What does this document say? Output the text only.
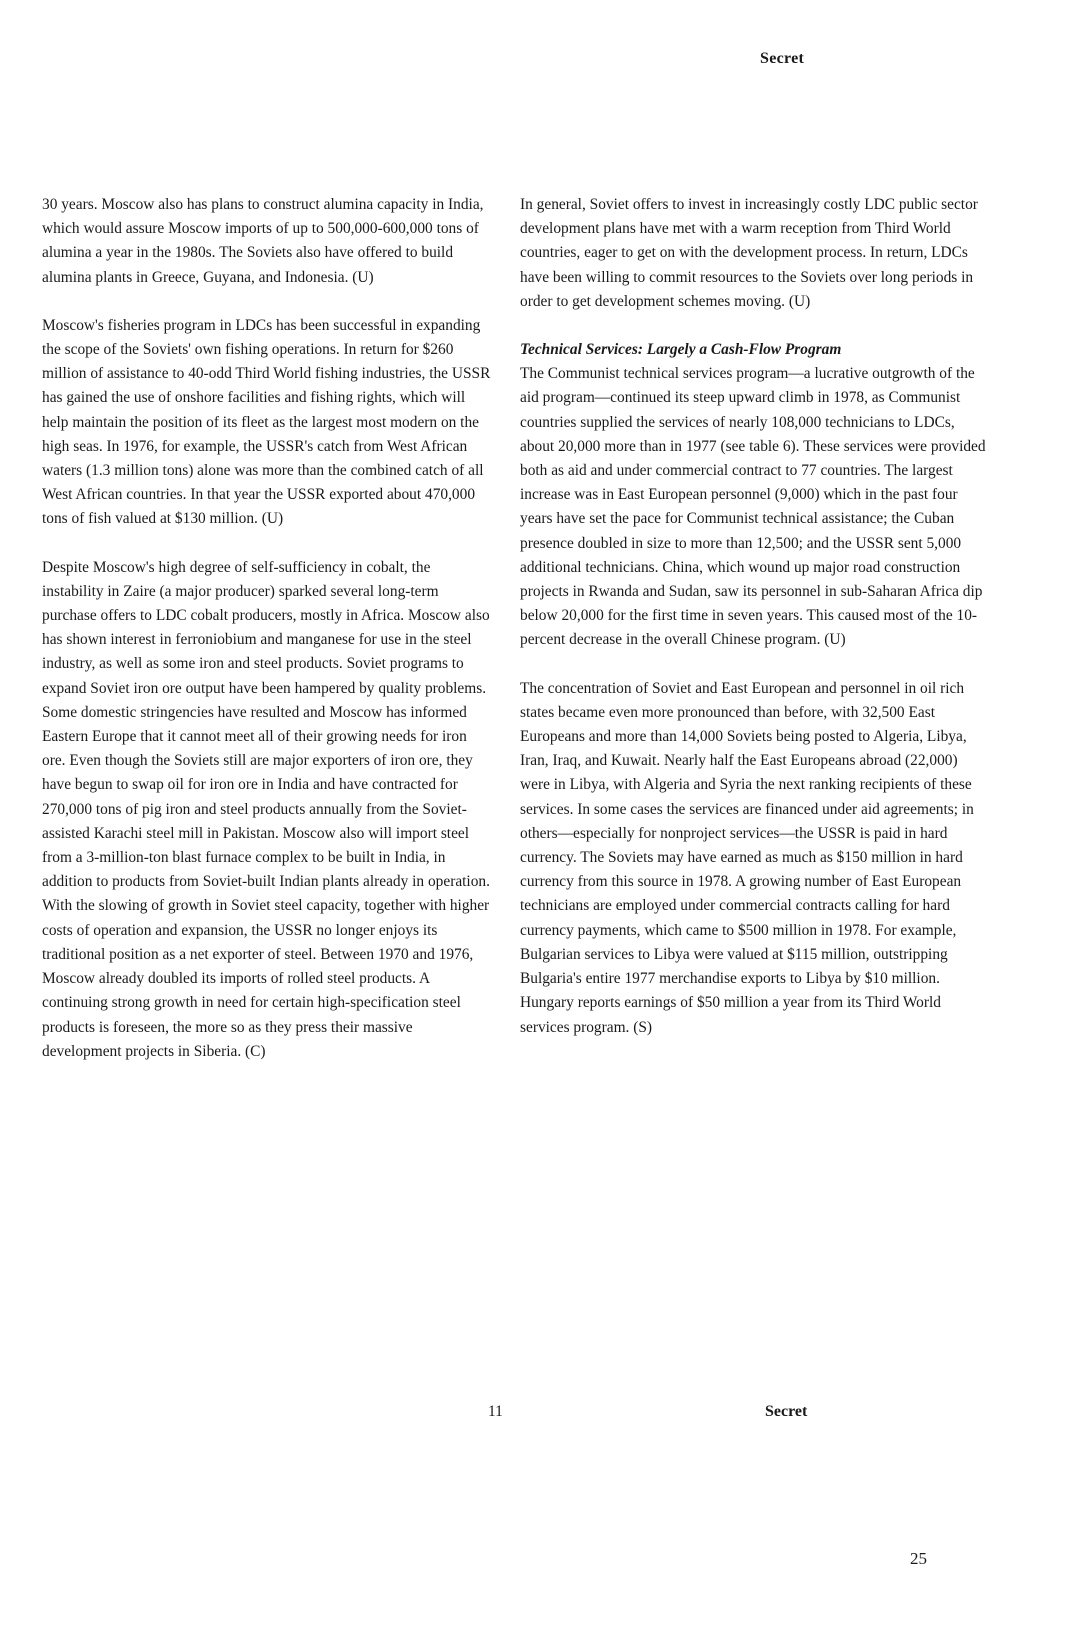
Secret

30 years. Moscow also has plans to construct alumina capacity in India, which would assure Moscow imports of up to 500,000-600,000 tons of alumina a year in the 1980s. The Soviets also have offered to build alumina plants in Greece, Guyana, and Indonesia. (U)

Moscow's fisheries program in LDCs has been successful in expanding the scope of the Soviets' own fishing operations. In return for $260 million of assistance to 40-odd Third World fishing industries, the USSR has gained the use of onshore facilities and fishing rights, which will help maintain the position of its fleet as the largest most modern on the high seas. In 1976, for example, the USSR's catch from West African waters (1.3 million tons) alone was more than the combined catch of all West African countries. In that year the USSR exported about 470,000 tons of fish valued at $130 million. (U)

Despite Moscow's high degree of self-sufficiency in cobalt, the instability in Zaire (a major producer) sparked several long-term purchase offers to LDC cobalt producers, mostly in Africa. Moscow also has shown interest in ferroniobium and manganese for use in the steel industry, as well as some iron and steel products. Soviet programs to expand Soviet iron ore output have been hampered by quality problems. Some domestic stringencies have resulted and Moscow has informed Eastern Europe that it cannot meet all of their growing needs for iron ore. Even though the Soviets still are major exporters of iron ore, they have begun to swap oil for iron ore in India and have contracted for 270,000 tons of pig iron and steel products annually from the Soviet-assisted Karachi steel mill in Pakistan. Moscow also will import steel from a 3-million-ton blast furnace complex to be built in India, in addition to products from Soviet-built Indian plants already in operation. With the slowing of growth in Soviet steel capacity, together with higher costs of operation and expansion, the USSR no longer enjoys its traditional position as a net exporter of steel. Between 1970 and 1976, Moscow already doubled its imports of rolled steel products. A continuing strong growth in need for certain high-specification steel products is foreseen, the more so as they press their massive development projects in Siberia. (C)

In general, Soviet offers to invest in increasingly costly LDC public sector development plans have met with a warm reception from Third World countries, eager to get on with the development process. In return, LDCs have been willing to commit resources to the Soviets over long periods in order to get development schemes moving. (U)

Technical Services: Largely a Cash-Flow Program

The Communist technical services program—a lucrative outgrowth of the aid program—continued its steep upward climb in 1978, as Communist countries supplied the services of nearly 108,000 technicians to LDCs, about 20,000 more than in 1977 (see table 6). These services were provided both as aid and under commercial contract to 77 countries. The largest increase was in East European personnel (9,000) which in the past four years have set the pace for Communist technical assistance; the Cuban presence doubled in size to more than 12,500; and the USSR sent 5,000 additional technicians. China, which wound up major road construction projects in Rwanda and Sudan, saw its personnel in sub-Saharan Africa dip below 20,000 for the first time in seven years. This caused most of the 10-percent decrease in the overall Chinese program. (U)

The concentration of Soviet and East European and personnel in oil rich states became even more pronounced than before, with 32,500 East Europeans and more than 14,000 Soviets being posted to Algeria, Libya, Iran, Iraq, and Kuwait. Nearly half the East Europeans abroad (22,000) were in Libya, with Algeria and Syria the next ranking recipients of these services. In some cases the services are financed under aid agreements; in others—especially for nonproject services—the USSR is paid in hard currency. The Soviets may have earned as much as $150 million in hard currency from this source in 1978. A growing number of East European technicians are employed under commercial contracts calling for hard currency payments, which came to $500 million in 1978. For example, Bulgarian services to Libya were valued at $115 million, outstripping Bulgaria's entire 1977 merchandise exports to Libya by $10 million. Hungary reports earnings of $50 million a year from its Third World services program. (S)

11	Secret
25
